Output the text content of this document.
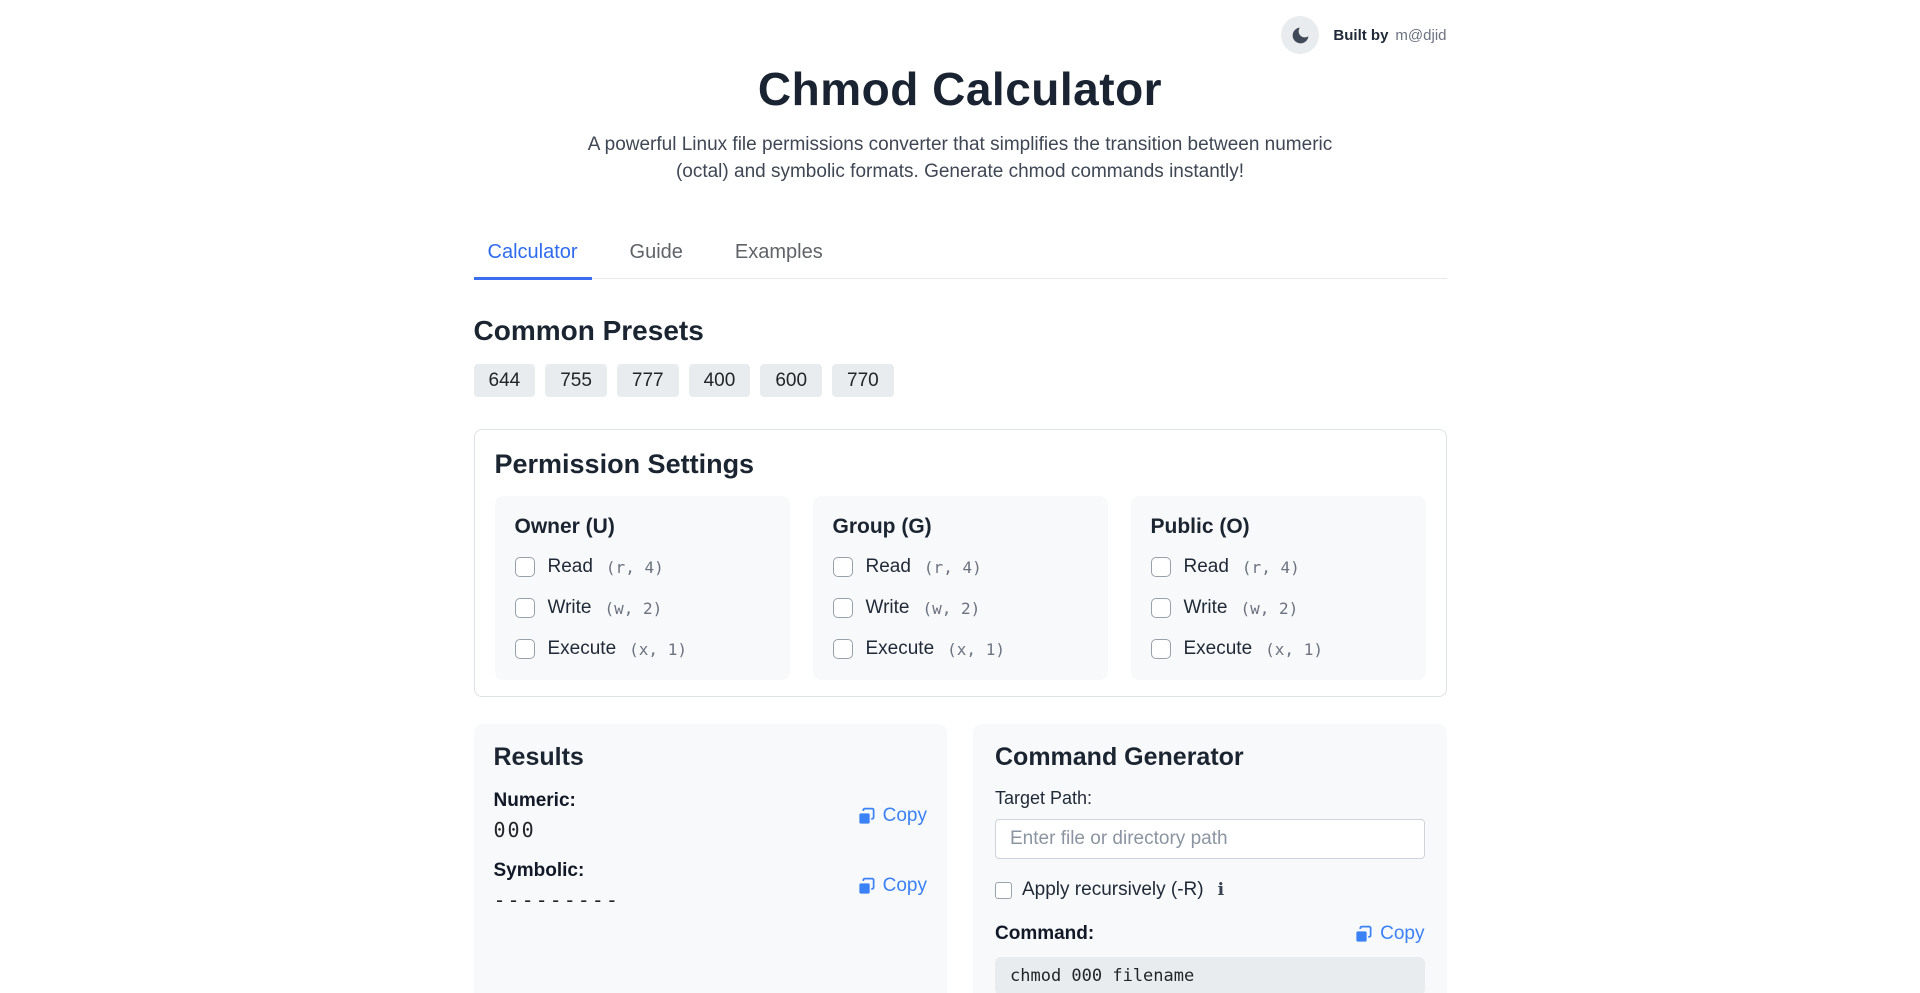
Built by m@djid
Chmod Calculator

A powerful Linux file permissions converter that simplifies the transition between numeric (octal) and symbolic formats. Generate chmod commands instantly!

Calculator	Guide	Examples
Common Presets
644	755	777	400	600	770
Permission Settings
Owner (U)
Read (r, 4)
Write (w, 2)
Execute (x, 1)
Group (G)
Read (r, 4)
Write (w, 2)
Execute (x, 1)
Public (O)
Read (r, 4)
Write (w, 2)
Execute (x, 1)
Results
Numeric:
000
Copy
Symbolic:
---------
Copy
Command Generator
Target Path:
Enter file or directory path
Apply recursively (-R) i
Command:	Copy
chmod 000 filename
